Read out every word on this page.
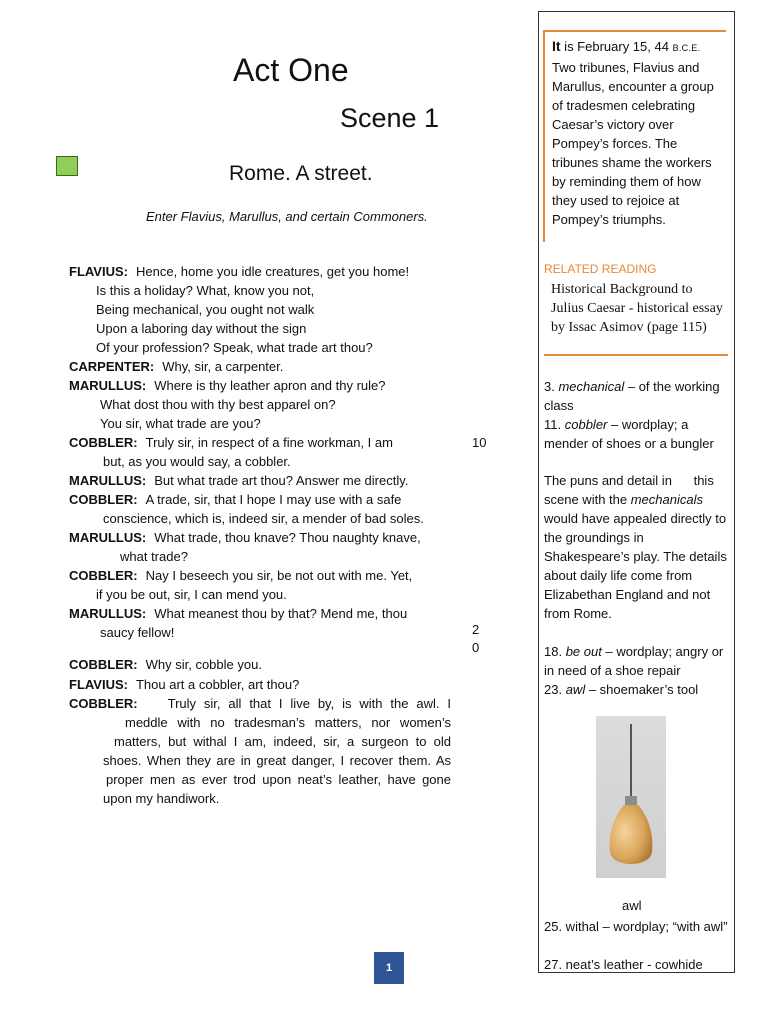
Act One
Scene 1
Rome. A street.
Enter Flavius, Marullus, and certain Commoners.
FLAVIUS: Hence, home you idle creatures, get you home!
Is this a holiday? What, know you not,
Being mechanical, you ought not walk
Upon a laboring day without the sign
Of your profession? Speak, what trade art thou?
CARPENTER: Why, sir, a carpenter.
MARULLUS: Where is thy leather apron and thy rule?
What dost thou with thy best apparel on?
You sir, what trade are you?
COBBLER: Truly sir, in respect of a fine workman, I am
but, as you would say, a cobbler.
MARULLUS: But what trade art thou? Answer me directly.
COBBLER: A trade, sir, that I hope I may use with a safe
conscience, which is, indeed sir, a mender of bad soles.
MARULLUS: What trade, thou knave? Thou naughty knave,
what trade?
COBBLER: Nay I beseech you sir, be not out with me. Yet,
if you be out, sir, I can mend you.
MARULLUS: What meanest thou by that? Mend me, thou
saucy fellow!
COBBLER: Why sir, cobble you.
FLAVIUS: Thou art a cobbler, art thou?
COBBLER: Truly sir, all that I live by, is with the awl. I
meddle with no tradesman’s matters, nor women’s
matters, but withal I am, indeed, sir, a surgeon to old
shoes. When they are in great danger, I recover them. As
proper men as ever trod upon neat’s leather, have gone
upon my handiwork.
10
2
0
It is February 15, 44 B.C.E. Two tribunes, Flavius and Marullus, encounter a group of tradesmen celebrating Caesar’s victory over Pompey’s forces. The tribunes shame the workers by reminding them of how they used to rejoice at Pompey’s triumphs.
RELATED READING
Historical Background to Julius Caesar - historical essay by Issac Asimov (page 115)
3. mechanical – of the working class
11. cobbler – wordplay; a mender of shoes or a bungler
The puns and detail in      this scene with the mechanicals would have appealed directly to the groundings in Shakespeare’s play. The details about daily life come from Elizabethan England and not from Rome.
18. be out – wordplay; angry or in need of a shoe repair
23. awl – shoemaker’s tool
awl
25. withal – wordplay; “with awl”
27. neat’s leather - cowhide
1
